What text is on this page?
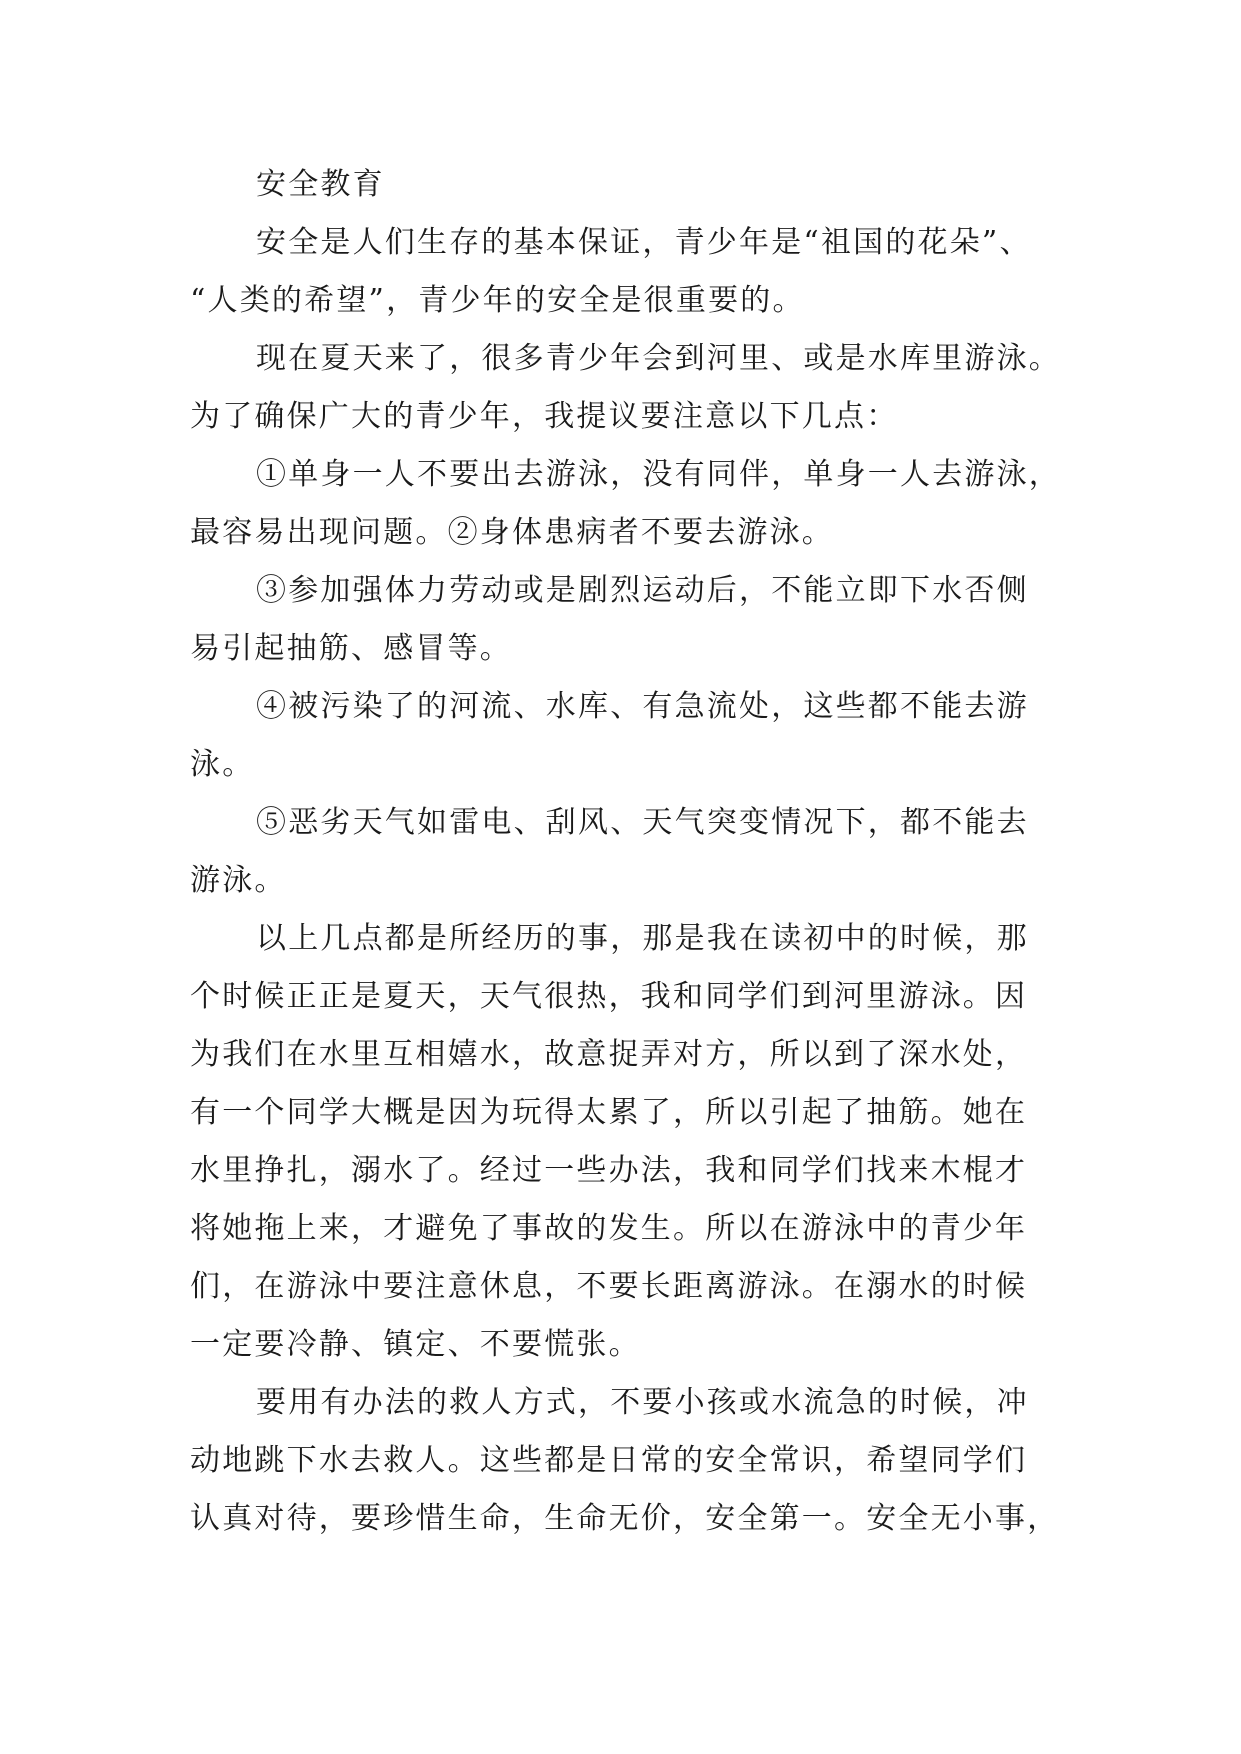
安全教育
安全是人们生存的基本保证，青少年是“祖国的花朵”、
“人类的希望”，青少年的安全是很重要的。
现在夏天来了，很多青少年会到河里、或是水库里游泳。
为了确保广大的青少年，我提议要注意以下几点：
①单身一人不要出去游泳，没有同伴，单身一人去游泳，
最容易出现问题。②身体患病者不要去游泳。
③参加强体力劳动或是剧烈运动后，不能立即下水否侧
易引起抽筋、感冒等。
④被污染了的河流、水库、有急流处，这些都不能去游
泳。
⑤恶劣天气如雷电、刮风、天气突变情况下，都不能去
游泳。
以上几点都是所经历的事，那是我在读初中的时候，那
个时候正正是夏天，天气很热，我和同学们到河里游泳。因
为我们在水里互相嬉水，故意捉弄对方，所以到了深水处，
有一个同学大概是因为玩得太累了，所以引起了抽筋。她在
水里挣扎，溺水了。经过一些办法，我和同学们找来木棍才
将她拖上来，才避免了事故的发生。所以在游泳中的青少年
们，在游泳中要注意休息，不要长距离游泳。在溺水的时候
一定要冷静、镇定、不要慌张。
要用有办法的救人方式，不要小孩或水流急的时候，冲
动地跳下水去救人。这些都是日常的安全常识，希望同学们
认真对待，要珍惜生命，生命无价，安全第一。安全无小事，
